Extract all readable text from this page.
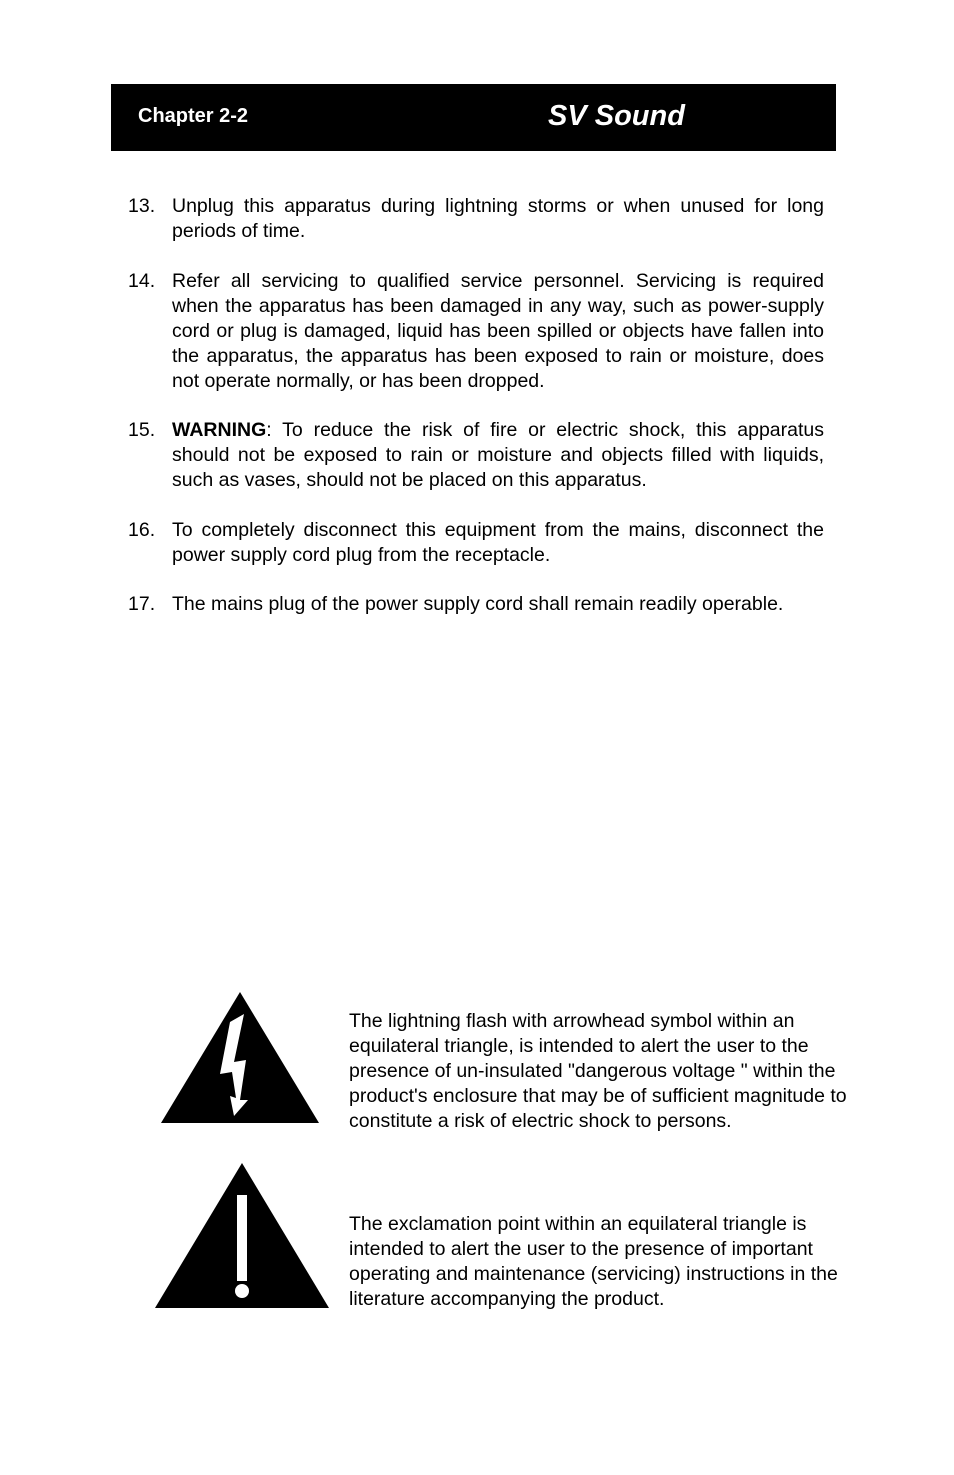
Chapter 2-2	SV Sound
13. Unplug this apparatus during lightning storms or when unused for long periods of time.
14. Refer all servicing to qualified service personnel. Servicing is required when the apparatus has been damaged in any way, such as power-supply cord or plug is damaged, liquid has been spilled or objects have fallen into the apparatus, the apparatus has been exposed to rain or moisture, does not operate normally, or has been dropped.
15. WARNING: To reduce the risk of fire or electric shock, this apparatus should not be exposed to rain or moisture and objects filled with liquids, such as vases, should not be placed on this apparatus.
16. To completely disconnect this equipment from the mains, disconnect the power supply cord plug from the receptacle.
17. The mains plug of the power supply cord shall remain readily operable.
The lightning flash with arrowhead symbol within an equilateral triangle, is intended to alert the user to the presence of un-insulated "dangerous voltage " within the product's enclosure that may be of sufficient magnitude to constitute a risk of electric shock to persons.
The exclamation point within an equilateral triangle is intended to alert the user to the presence of important operating and maintenance (servicing) instructions in the literature accompanying the product.
